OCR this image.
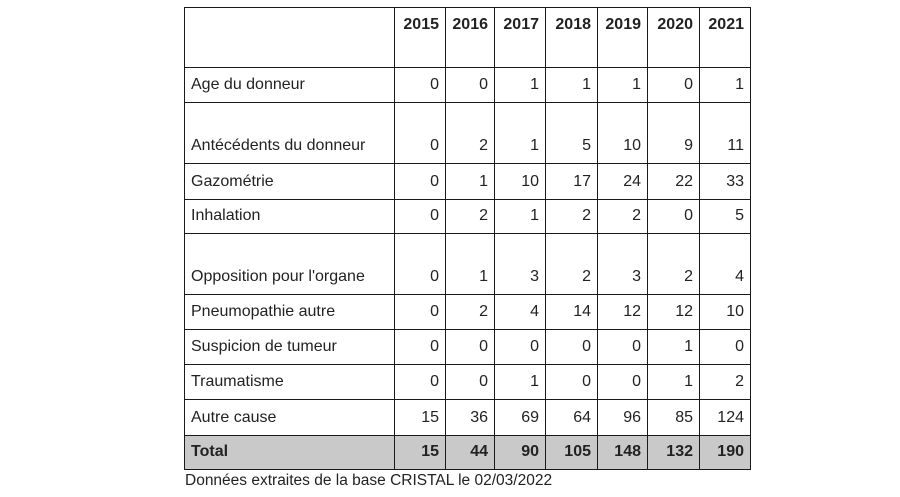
	2015	2016	2017	2018	2019	2020	2021
Age du donneur	0	0	1	1	1	0	1
Antécédents du donneur	0	2	1	5	10	9	11
Gazométrie	0	1	10	17	24	22	33
Inhalation	0	2	1	2	2	0	5
Opposition pour l'organe	0	1	3	2	3	2	4
Pneumopathie autre	0	2	4	14	12	12	10
Suspicion de tumeur	0	0	0	0	0	1	0
Traumatisme	0	0	1	0	0	1	2
Autre cause	15	36	69	64	96	85	124
Total	15	44	90	105	148	132	190
Données extraites de la base CRISTAL le 02/03/2022
